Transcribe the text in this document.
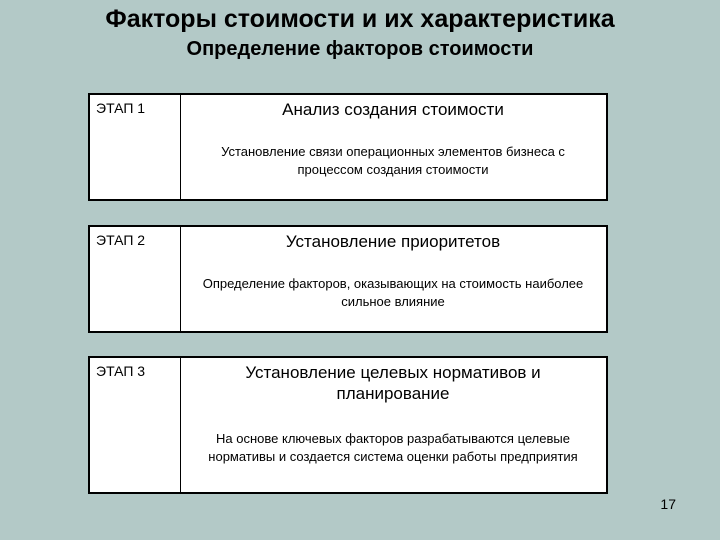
Факторы стоимости и их характеристика
Определение факторов стоимости
ЭТАП 1	Анализ создания стоимости
Установление связи операционных элементов бизнеса с процессом создания стоимости
ЭТАП 2	Установление приоритетов
Определение факторов, оказывающих на стоимость наиболее сильное влияние
ЭТАП 3	Установление целевых нормативов и планирование
На основе ключевых факторов разрабатываются целевые нормативы и создается система оценки работы предприятия
17
